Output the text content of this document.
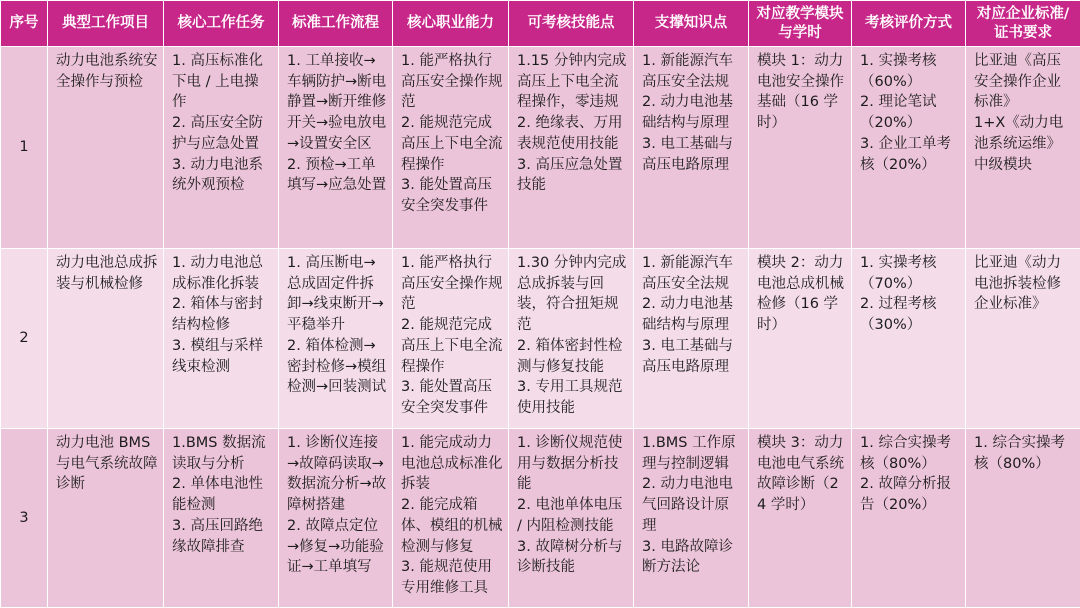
序号	典型工作项目	核心工作任务	标准工作流程	核心职业能力	可考核技能点	支撑知识点	对应教学模块与学时	考核评价方式	对应企业标准/证书要求
1	动力电池系统安全操作与预检	1. 高压标准化下电 / 上电操作
2. 高压安全防护与应急处置
3. 动力电池系统外观预检	1. 工单接收→车辆防护→断电静置→断开维修开关→验电放电→设置安全区
2. 预检→工单填写→应急处置	1. 能严格执行高压安全操作规范
2. 能规范完成高压上下电全流程操作
3. 能处置高压安全突发事件	1.15 分钟内完成高压上下电全流程操作，零违规
2. 绝缘表、万用表规范使用技能
3. 高压应急处置技能	1. 新能源汽车高压安全法规
2. 动力电池基础结构与原理
3. 电工基础与高压电路原理	模块 1：动力电池安全操作基础（16 学时）	1. 实操考核（60%）
2. 理论笔试（20%）
3. 企业工单考核（20%）	比亚迪《高压安全操作企业标准》
1+X《动力电池系统运维》中级模块

2	动力电池总成拆装与机械检修	1. 动力电池总成标准化拆装
2. 箱体与密封结构检修
3. 模组与采样线束检测	1. 高压断电→总成固定件拆卸→线束断开→平稳举升
2. 箱体检测→密封检修→模组检测→回装测试	1. 能严格执行高压安全操作规范
2. 能规范完成高压上下电全流程操作
3. 能处置高压安全突发事件	1.30 分钟内完成总成拆装与回装，符合扭矩规范
2. 箱体密封性检测与修复技能
3. 专用工具规范使用技能	1. 新能源汽车高压安全法规
2. 动力电池基础结构与原理
3. 电工基础与高压电路原理	模块 2：动力电池总成机械检修（16 学时）	1. 实操考核（70%）
2. 过程考核（30%）	比亚迪《动力电池拆装检修企业标准》

3	动力电池 BMS 与电气系统故障诊断	1.BMS 数据流读取与分析
2. 单体电池性能检测
3. 高压回路绝缘故障排查	1. 诊断仪连接→故障码读取→数据流分析→故障树搭建
2. 故障点定位→修复→功能验证→工单填写	1. 能完成动力电池总成标准化拆装
2. 能完成箱体、模组的机械检测与修复
3. 能规范使用专用维修工具	1. 诊断仪规范使用与数据分析技能
2. 电池单体电压 / 内阻检测技能
3. 故障树分析与诊断技能	1.BMS 工作原理与控制逻辑
2. 动力电池电气回路设计原理
3. 电路故障诊断方法论	模块 3：动力电池电气系统故障诊断（24 学时）	1. 综合实操考核（80%）
2. 故障分析报告（20%）	1. 综合实操考核（80%）
